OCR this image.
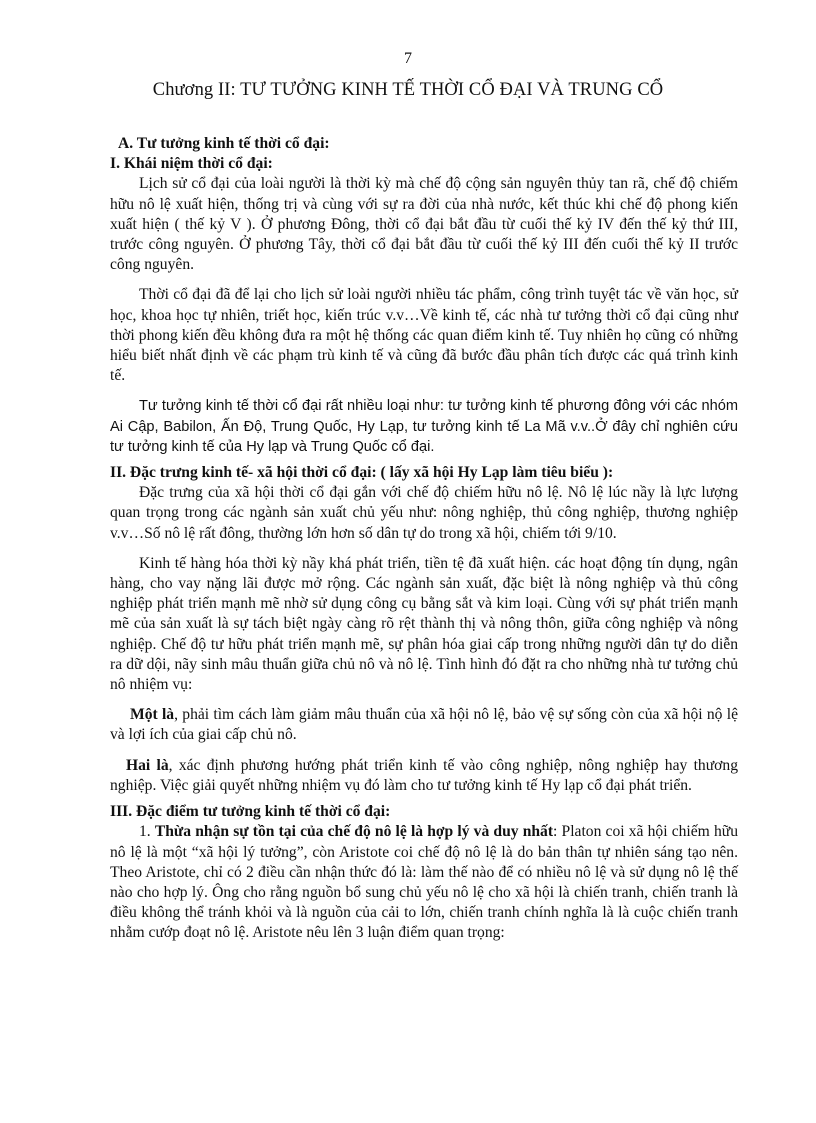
7
Chương II: TƯ TƯỞNG KINH TẾ THỜI CỔ ĐẠI VÀ TRUNG CỔ

A. Tư tưởng kinh tế thời cổ đại:

I. Khái niệm thời cổ đại:

Lịch sử cổ đại của loài người là thời kỳ mà chế độ cộng sản nguyên thủy tan rã, chế độ chiếm hữu nô lệ xuất hiện, thống trị và cùng với sự ra đời của nhà nước, kết thúc khi chế độ phong kiến xuất hiện ( thế kỷ V ). Ở phương Đông, thời cổ đại bắt đầu từ cuối thế kỷ IV đến thế kỷ thứ III, trước công nguyên. Ở phương Tây, thời cổ đại bắt đầu từ cuối thế kỷ III đến cuối thế kỷ II trước công nguyên.

Thời cổ đại đã để lại cho lịch sử loài người nhiều tác phẩm, công trình tuyệt tác về văn học, sử học, khoa học tự nhiên, triết học, kiến trúc v.v…Về kinh tế, các nhà tư tưởng thời cổ đại cũng như thời phong kiến đều không đưa ra một hệ thống các quan điểm kinh tế. Tuy nhiên họ cũng có những hiểu biết nhất định về các phạm trù kinh tế và cũng đã bước đầu phân tích được các quá trình kinh tế.

Tư tưởng kinh tế thời cổ đại rất nhiều loại như: tư tưởng kinh tế phương đông với các nhóm Ai Cập, Babilon, Ấn Độ, Trung Quốc, Hy Lạp, tư tưởng kinh tế La Mã v.v..Ở đây chỉ nghiên cứu tư tưởng kinh tế của Hy lạp và Trung Quốc cổ đại.

II. Đặc trưng kinh tế- xã hội thời cổ đại: ( lấy xã hội Hy Lạp làm tiêu biểu ):

Đặc trưng của xã hội thời cổ đại gắn với chế độ chiếm hữu nô lệ. Nô lệ lúc nầy là lực lượng quan trọng trong các ngành sản xuất chủ yếu như: nông nghiệp, thủ công nghiệp, thương nghiệp v.v…Số nô lệ rất đông, thường lớn hơn số dân tự do trong xã hội, chiếm tới 9/10.

Kinh tế hàng hóa thời kỳ nầy khá phát triển, tiền tệ đã xuất hiện. các hoạt động tín dụng, ngân hàng, cho vay nặng lãi được mở rộng. Các ngành sản xuất, đặc biệt là nông nghiệp và thủ công nghiệp phát triển mạnh mẽ nhờ sử dụng công cụ bằng sắt và kim loại. Cùng với sự phát triển mạnh mẽ của sản xuất là sự tách biệt ngày càng rõ rệt thành thị và nông thôn, giữa công nghiệp và nông nghiệp. Chế độ tư hữu phát triển mạnh mẽ, sự phân hóa giai cấp trong những người dân tự do diễn ra dữ dội, nãy sinh mâu thuẩn giữa chủ nô và nô lệ. Tình hình đó đặt ra cho những nhà tư tưởng chủ nô nhiệm vụ:

Một là, phải tìm cách làm giảm mâu thuẩn của xã hội nô lệ, bảo vệ sự sống còn của xã hội nộ lệ và lợi ích của giai cấp chủ nô.

Hai là, xác định phương hướng phát triển kinh tế vào công nghiệp, nông nghiệp hay thương nghiệp. Việc giải quyết những nhiệm vụ đó làm cho tư tưởng kinh tế Hy lạp cổ đại phát triển.

III. Đặc điểm tư tưởng kinh tế thời cổ đại:

1. Thừa nhận sự tồn tại của chế độ nô lệ là hợp lý và duy nhất: Platon coi xã hội chiếm hữu nô lệ là một “xã hội lý tưởng”, còn Aristote coi chế độ nô lệ là do bản thân tự nhiên sáng tạo nên. Theo Aristote, chỉ có 2 điều cần nhận thức đó là: làm thế nào để có nhiều nô lệ và sử dụng nô lệ thế nào cho hợp lý. Ông cho rằng nguồn bổ sung chủ yếu nô lệ cho xã hội là chiến tranh, chiến tranh là điều không thể tránh khỏi và là nguồn của cải to lớn, chiến tranh chính nghĩa là là cuộc chiến tranh nhằm cướp đoạt nô lệ. Aristote nêu lên 3 luận điểm quan trọng:
